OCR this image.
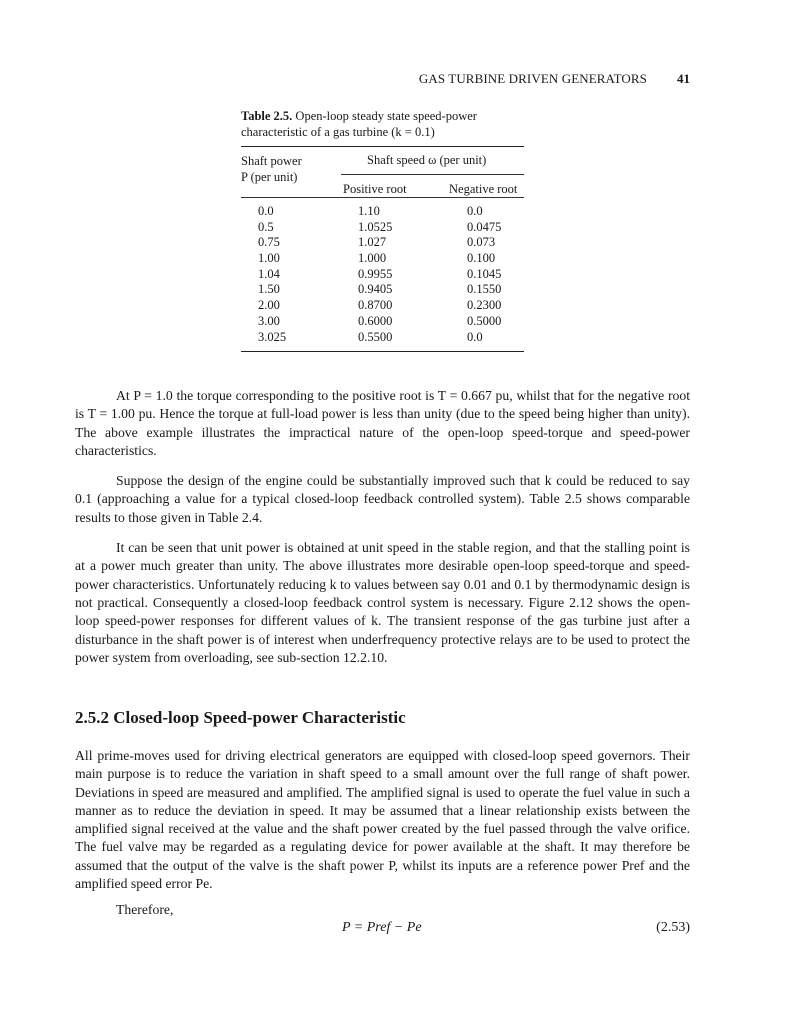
GAS TURBINE DRIVEN GENERATORS 41
Table 2.5. Open-loop steady state speed-power characteristic of a gas turbine (k = 0.1)
Shaft power
P (per unit)
Shaft speed ω (per unit)
Positive root	Negative root
0.0	1.10	0.0
0.5	1.0525	0.0475
0.75	1.027	0.073
1.00	1.000	0.100
1.04	0.9955	0.1045
1.50	0.9405	0.1550
2.00	0.8700	0.2300
3.00	0.6000	0.5000
3.025	0.5500	0.0

At P = 1.0 the torque corresponding to the positive root is T = 0.667 pu, whilst that for the negative root is T = 1.00 pu. Hence the torque at full-load power is less than unity (due to the speed being higher than unity). The above example illustrates the impractical nature of the open-loop speed-torque and speed-power characteristics.

Suppose the design of the engine could be substantially improved such that k could be reduced to say 0.1 (approaching a value for a typical closed-loop feedback controlled system). Table 2.5 shows comparable results to those given in Table 2.4.

It can be seen that unit power is obtained at unit speed in the stable region, and that the stalling point is at a power much greater than unity. The above illustrates more desirable open-loop speed-torque and speed-power characteristics. Unfortunately reducing k to values between say 0.01 and 0.1 by thermodynamic design is not practical. Consequently a closed-loop feedback control system is necessary. Figure 2.12 shows the open-loop speed-power responses for different values of k. The transient response of the gas turbine just after a disturbance in the shaft power is of interest when underfrequency protective relays are to be used to protect the power system from overloading, see sub-section 12.2.10.

2.5.2 Closed-loop Speed-power Characteristic

All prime-moves used for driving electrical generators are equipped with closed-loop speed governors. Their main purpose is to reduce the variation in shaft speed to a small amount over the full range of shaft power. Deviations in speed are measured and amplified. The amplified signal is used to operate the fuel value in such a manner as to reduce the deviation in speed. It may be assumed that a linear relationship exists between the amplified signal received at the value and the shaft power created by the fuel passed through the valve orifice. The fuel valve may be regarded as a regulating device for power available at the shaft. It may therefore be assumed that the output of the valve is the shaft power P, whilst its inputs are a reference power Pref and the amplified speed error Pe.

Therefore,

P = Pref − Pe	(2.53)
